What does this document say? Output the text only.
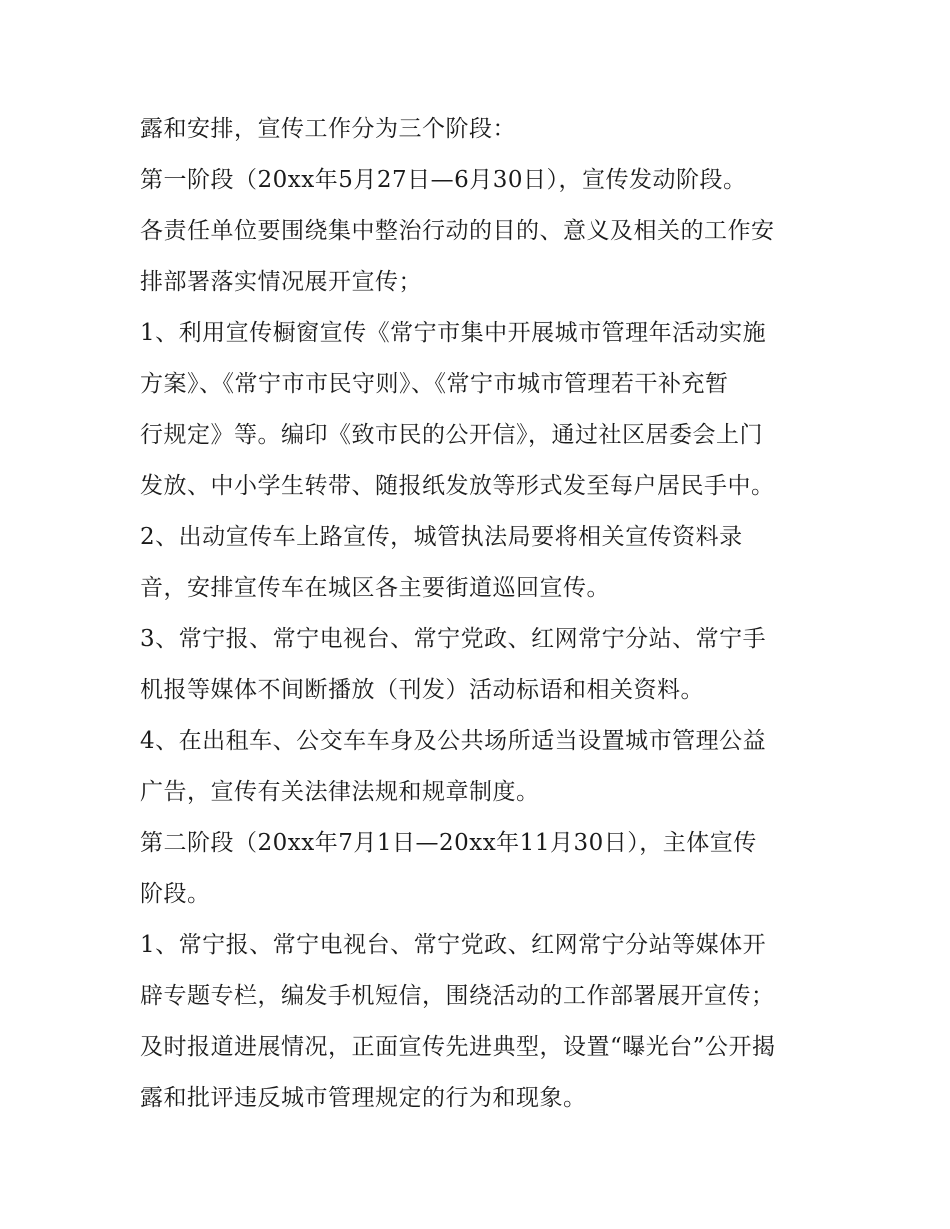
露和安排，宣传工作分为三个阶段：
第一阶段（20xx年5月27日—6月30日），宣传发动阶段。
各责任单位要围绕集中整治行动的目的、意义及相关的工作安
排部署落实情况展开宣传；
1、利用宣传橱窗宣传《常宁市集中开展城市管理年活动实施
方案》、《常宁市市民守则》、《常宁市城市管理若干补充暂
行规定》等。编印《致市民的公开信》，通过社区居委会上门
发放、中小学生转带、随报纸发放等形式发至每户居民手中。
2、出动宣传车上路宣传，城管执法局要将相关宣传资料录
音，安排宣传车在城区各主要街道巡回宣传。
3、常宁报、常宁电视台、常宁党政、红网常宁分站、常宁手
机报等媒体不间断播放（刊发）活动标语和相关资料。
4、在出租车、公交车车身及公共场所适当设置城市管理公益
广告，宣传有关法律法规和规章制度。
第二阶段（20xx年7月1日—20xx年11月30日），主体宣传
阶段。
1、常宁报、常宁电视台、常宁党政、红网常宁分站等媒体开
辟专题专栏，编发手机短信，围绕活动的工作部署展开宣传；
及时报道进展情况，正面宣传先进典型，设置“曝光台”公开揭
露和批评违反城市管理规定的行为和现象。
